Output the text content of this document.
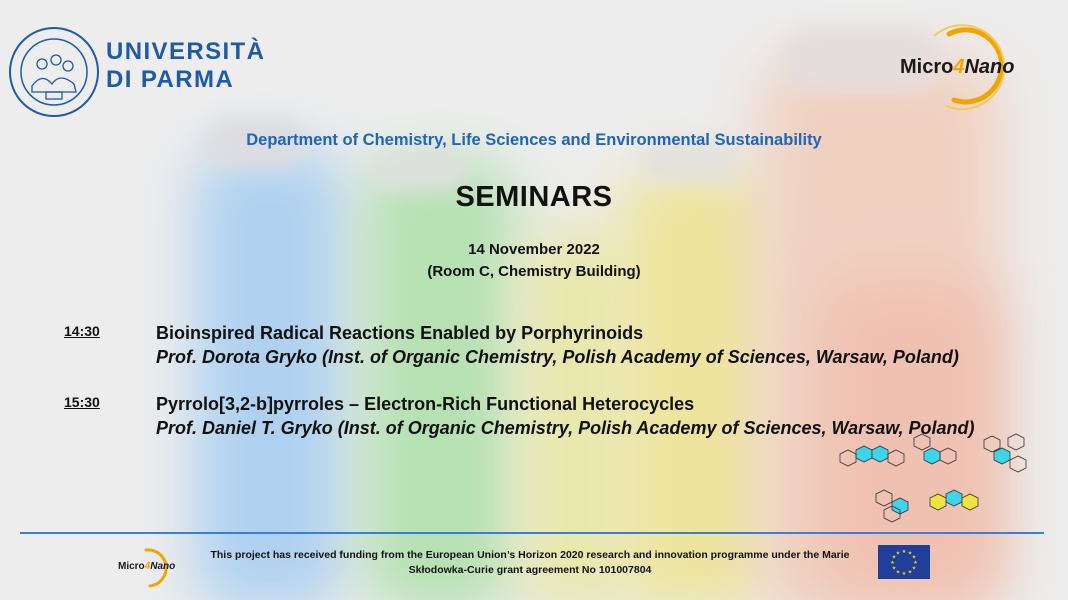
UNIVERSITÀ
DI PARMA	Micro4Nano
Department of Chemistry, Life Sciences and Environmental Sustainability
SEMINARS
14 November 2022
(Room C, Chemistry Building)
14:30	Bioinspired Radical Reactions Enabled by Porphyrinoids
Prof. Dorota Gryko (Inst. of Organic Chemistry, Polish Academy of Sciences, Warsaw, Poland)
15:30	Pyrrolo[3,2-b]pyrroles – Electron-Rich Functional Heterocycles
Prof. Daniel T. Gryko (Inst. of Organic Chemistry, Polish Academy of Sciences, Warsaw, Poland)
Micro4Nano
This project has received funding from the European Union’s Horizon 2020 research and innovation programme under the Marie
Skłodowka-Curie grant agreement No 101007804
★ ★
★
★
★
★
★
★
★
★
★
★
